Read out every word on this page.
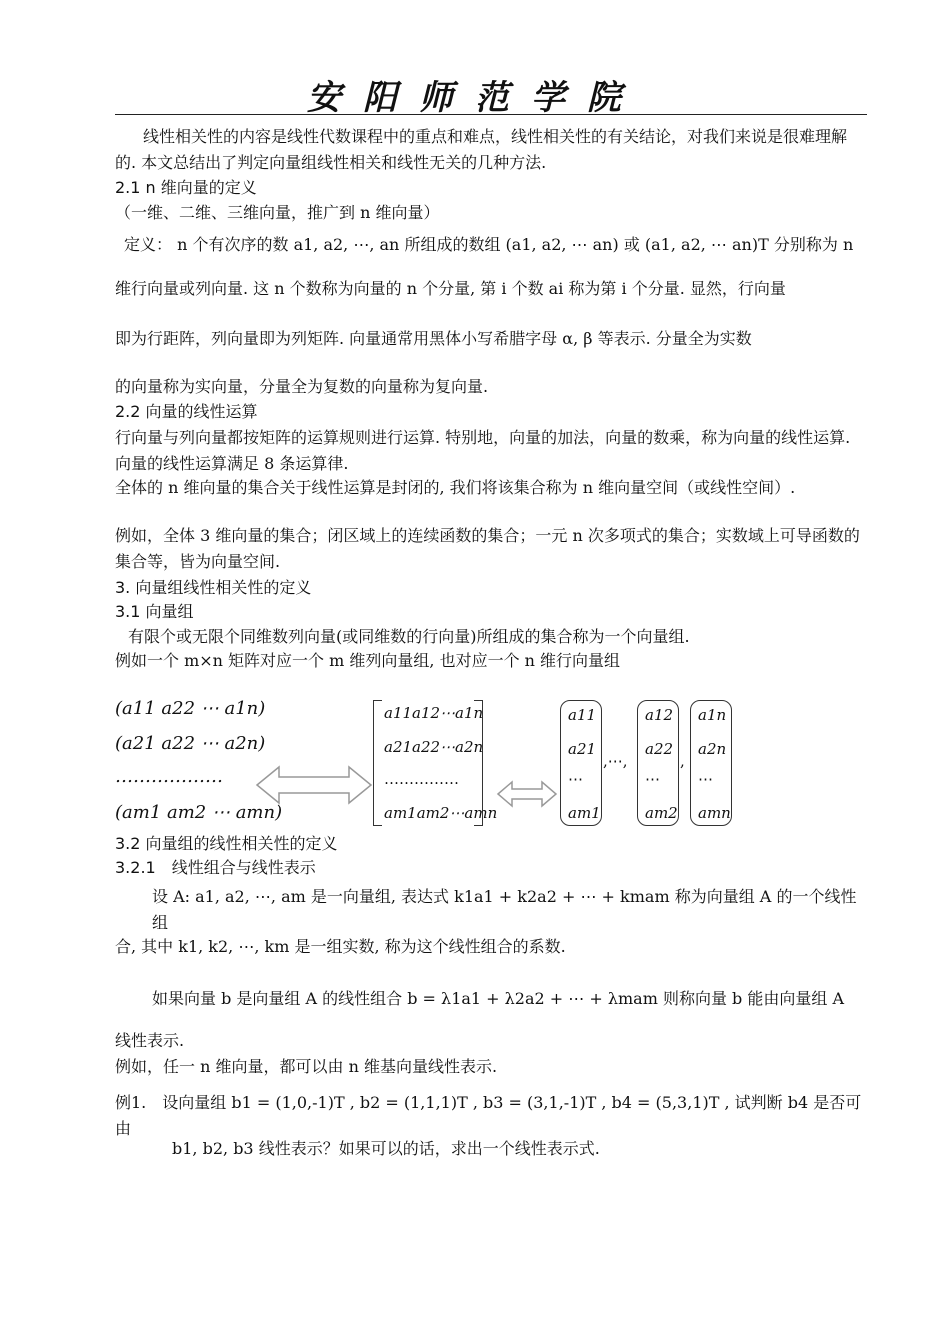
安阳师范学院
线性相关性的内容是线性代数课程中的重点和难点，线性相关性的有关结论，对我们来说是很难理解的. 本文总结出了判定向量组线性相关和线性无关的几种方法.
2.1 n 维向量的定义
（一维、二维、三维向量，推广到 n 维向量）
定义： n 个有次序的数 a1, a2, ⋯, an 所组成的数组 (a1, a2, ⋯ an) 或 (a1, a2, ⋯ an)T 分别称为 n
维行向量或列向量. 这 n 个数称为向量的 n 个分量, 第 i 个数 ai 称为第 i 个分量. 显然，行向量
即为行距阵，列向量即为列矩阵. 向量通常用黑体小写希腊字母 α, β 等表示. 分量全为实数
的向量称为实向量，分量全为复数的向量称为复向量.
2.2 向量的线性运算
行向量与列向量都按矩阵的运算规则进行运算. 特别地，向量的加法，向量的数乘，称为向量的线性运算. 向量的线性运算满足 8 条运算律.
全体的 n 维向量的集合关于线性运算是封闭的, 我们将该集合称为 n 维向量空间（或线性空间）.
例如，全体 3 维向量的集合；闭区域上的连续函数的集合；一元 n 次多项式的集合；实数域上可导函数的集合等，皆为向量空间.
3. 向量组线性相关性的定义
3.1 向量组
有限个或无限个同维数列向量(或同维数的行向量)所组成的集合称为一个向量组.
例如一个 m×n 矩阵对应一个 m 维列向量组, 也对应一个 n 维行向量组
(a11 a22 ⋯ a1n)
(a21 a22 ⋯ a2n)
………………
(am1 am2 ⋯ amn)
a11a12⋯a1n
a21a22⋯a2n
……………
am1am2⋯amn
a11
a21
⋯
am1
,⋯,
a12
a22
⋯
am2
,
a1n
a2n
⋯
amn
3.2 向量组的线性相关性的定义
3.2.1　线性组合与线性表示
设 A: a1, a2, ⋯, am 是一向量组, 表达式 k1a1 + k2a2 + ⋯ + kmam 称为向量组 A 的一个线性组
合, 其中 k1, k2, ⋯, km 是一组实数, 称为这个线性组合的系数.
如果向量 b 是向量组 A 的线性组合 b = λ1a1 + λ2a2 + ⋯ + λmam 则称向量 b 能由向量组 A
线性表示.
例如，任一 n 维向量，都可以由 n 维基向量线性表示.
例1.　设向量组 b1 = (1,0,-1)T , b2 = (1,1,1)T , b3 = (3,1,-1)T , b4 = (5,3,1)T , 试判断 b4 是否可由
b1, b2, b3 线性表示？如果可以的话，求出一个线性表示式.
